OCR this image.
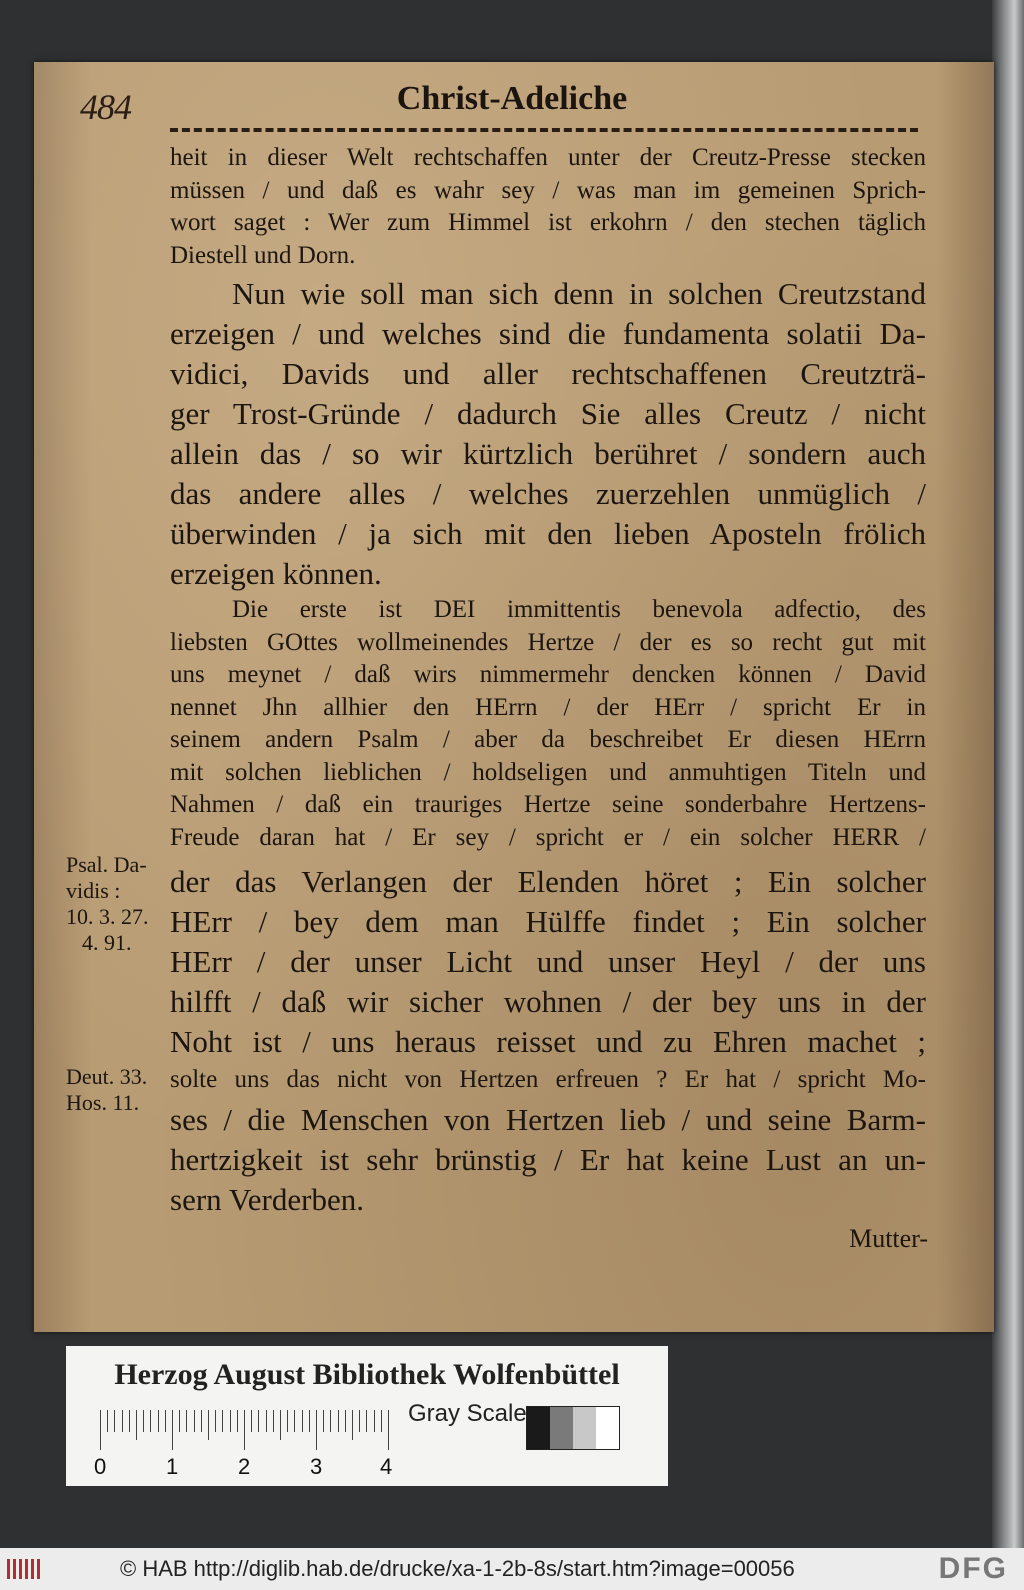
484	Christ-Adeliche
heit in dieser Welt rechtschaffen unter der Creutz-Presse stecken
müssen / und daß es wahr sey / was man im gemeinen Sprich-
wort saget : Wer zum Himmel ist erkohrn / den stechen täglich
Diestell und Dorn.
Nun wie soll man sich denn in solchen Creutzstand
erzeigen / und welches sind die fundamenta solatii Da-
vidici, Davids und aller rechtschaffenen Creutzträ-
ger Trost-Gründe / dadurch Sie alles Creutz / nicht
allein das / so wir kürtzlich berühret / sondern auch
das andere alles / welches zuerzehlen unmüglich /
überwinden / ja sich mit den lieben Aposteln frölich
erzeigen können.
Die erste ist DEI immittentis benevola adfectio, des
liebsten GOttes wollmeinendes Hertze / der es so recht gut mit
uns meynet / daß wirs nimmermehr dencken können / David
nennet Jhn allhier den HErrn / der HErr / spricht Er in
seinem andern Psalm / aber da beschreibet Er diesen HErrn
mit solchen lieblichen / holdseligen und anmuhtigen Titeln und
Nahmen / daß ein trauriges Hertze seine sonderbahre Hertzens-
Freude daran hat / Er sey / spricht er / ein solcher HERR /
der das Verlangen der Elenden höret ; Ein solcher
HErr / bey dem man Hülffe findet ; Ein solcher
HErr / der unser Licht und unser Heyl / der uns
hilfft / daß wir sicher wohnen / der bey uns in der
Noht ist / uns heraus reisset und zu Ehren machet ;
solte uns das nicht von Hertzen erfreuen ? Er hat / spricht Mo-
ses / die Menschen von Hertzen lieb / und seine Barm-
hertzigkeit ist sehr brünstig / Er hat keine Lust an un-
sern Verderben.
Psal. Da-
vidis :
10. 3. 27.
4. 91.
Deut. 33.
Hos. 11.
Mutter-
Herzog August Bibliothek Wolfenbüttel
0	1	2	3	4
Gray Scale
© HAB http://diglib.hab.de/drucke/xa-1-2b-8s/start.htm?image=00056	DFG
